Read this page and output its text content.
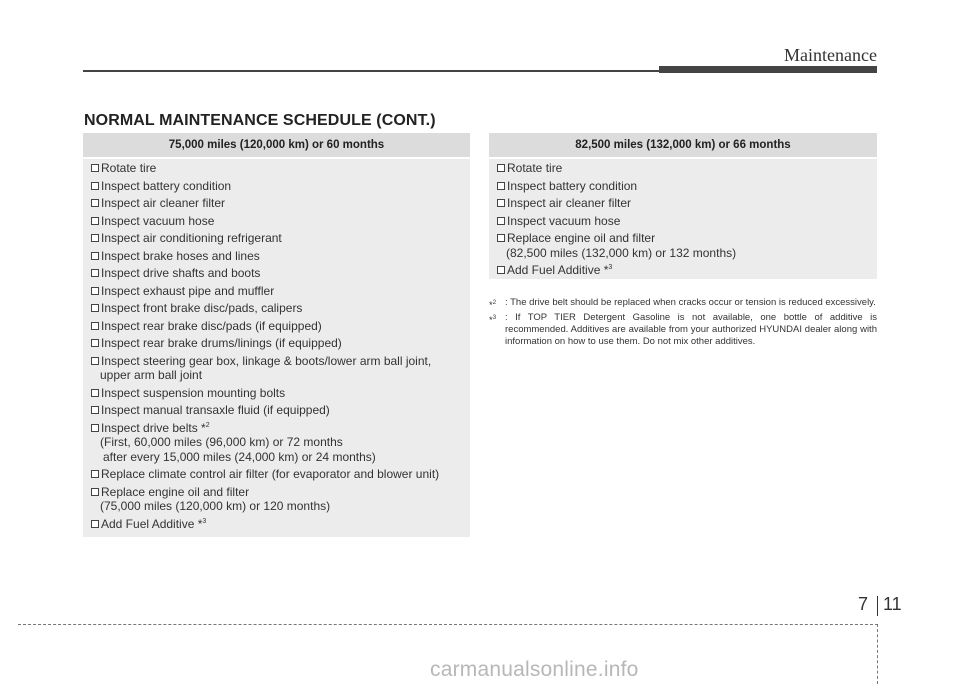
Maintenance
NORMAL MAINTENANCE SCHEDULE (CONT.)
75,000 miles (120,000 km) or 60 months
Rotate tire
Inspect battery condition
Inspect air cleaner filter
Inspect vacuum hose
Inspect air conditioning refrigerant
Inspect brake hoses and lines
Inspect drive shafts and boots
Inspect exhaust pipe and muffler
Inspect front brake disc/pads, calipers
Inspect rear brake disc/pads (if equipped)
Inspect rear brake drums/linings (if equipped)
Inspect steering gear box, linkage & boots/lower arm ball joint,
upper arm ball joint
Inspect suspension mounting bolts
Inspect manual transaxle fluid (if equipped)
Inspect drive belts *$^2$
(First, 60,000 miles (96,000 km) or 72 months
after every 15,000 miles (24,000 km) or 24 months)
Replace climate control air filter (for evaporator and blower unit)
Replace engine oil and filter
(75,000 miles (120,000 km) or 120 months)
Add Fuel Additive *$^3$
82,500 miles (132,000 km) or 66 months
Rotate tire
Inspect battery condition
Inspect air cleaner filter
Inspect vacuum hose
Replace engine oil and filter
(82,500 miles (132,000 km) or 132 months)
Add Fuel Additive *$^3$
*$^2$ : The drive belt should be replaced when cracks occur or tension is reduced excessively.
*$^3$ : If TOP TIER Detergent Gasoline is not available, one bottle of additive is recommended. Additives are available from your authorized HYUNDAI dealer along with information on how to use them. Do not mix other additives.
7 11
carmanualsonline.info
